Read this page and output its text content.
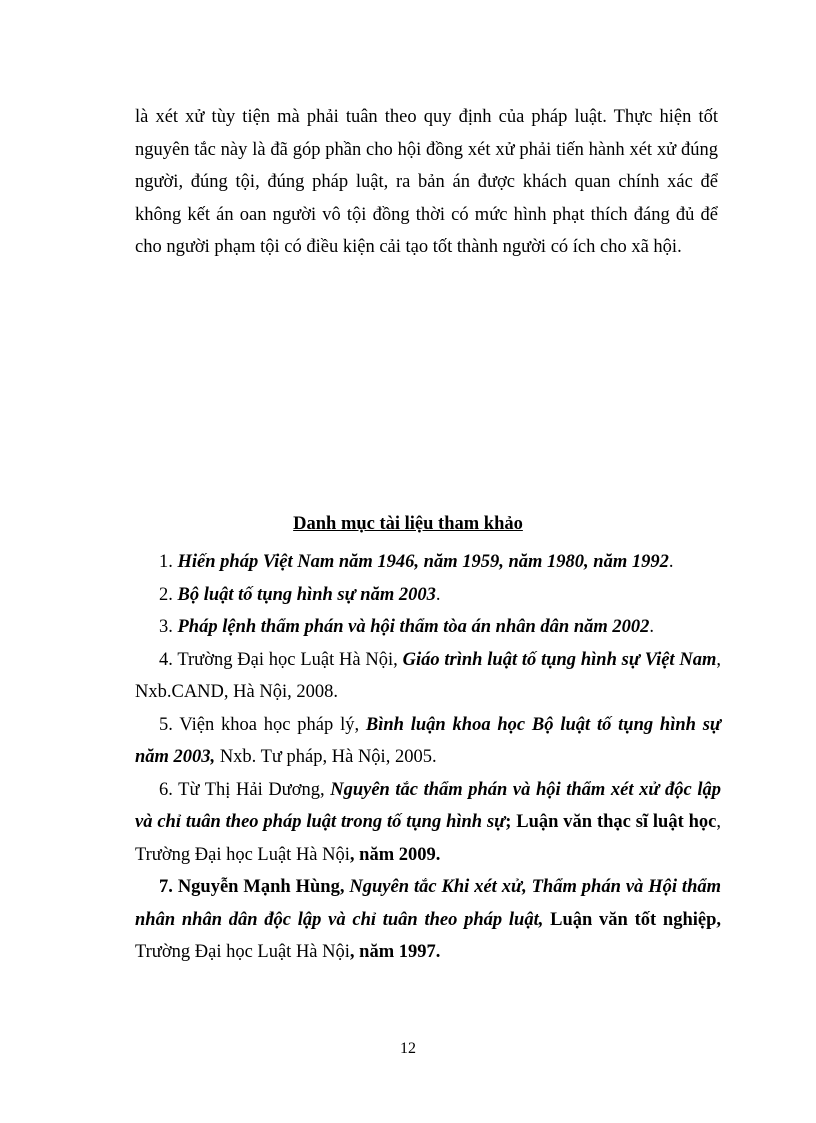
là xét xử tùy tiện mà phải tuân theo quy định của pháp luật. Thực hiện tốt nguyên tắc này là đã góp phần cho hội đồng xét xử phải tiến hành xét xử đúng người, đúng tội, đúng pháp luật, ra bản án được khách quan chính xác để không kết án oan người vô tội đồng thời có mức hình phạt thích đáng đủ để cho người phạm tội có điều kiện cải tạo tốt thành người có ích cho xã hội.

Danh mục tài liệu tham khảo

1. Hiến pháp Việt Nam năm 1946, năm 1959, năm 1980, năm 1992.

2. Bộ luật tố tụng hình sự năm 2003.

3. Pháp lệnh thẩm phán và hội thẩm tòa án nhân dân năm 2002.

4. Trường Đại học Luật Hà Nội, Giáo trình luật tố tụng hình sự Việt Nam, Nxb.CAND, Hà Nội, 2008.

5. Viện khoa học pháp lý, Bình luận khoa học Bộ luật tố tụng hình sự năm 2003, Nxb. Tư pháp, Hà Nội, 2005.

6. Từ Thị Hải Dương, Nguyên tắc thẩm phán và hội thẩm xét xử độc lập và chỉ tuân theo pháp luật trong tố tụng hình sự; Luận văn thạc sĩ luật học, Trường Đại học Luật Hà Nội, năm 2009.

7. Nguyễn Mạnh Hùng, Nguyên tắc Khi xét xử, Thẩm phán và Hội thẩm nhân nhân dân độc lập và chỉ tuân theo pháp luật, Luận văn tốt nghiệp, Trường Đại học Luật Hà Nội, năm 1997.

12
